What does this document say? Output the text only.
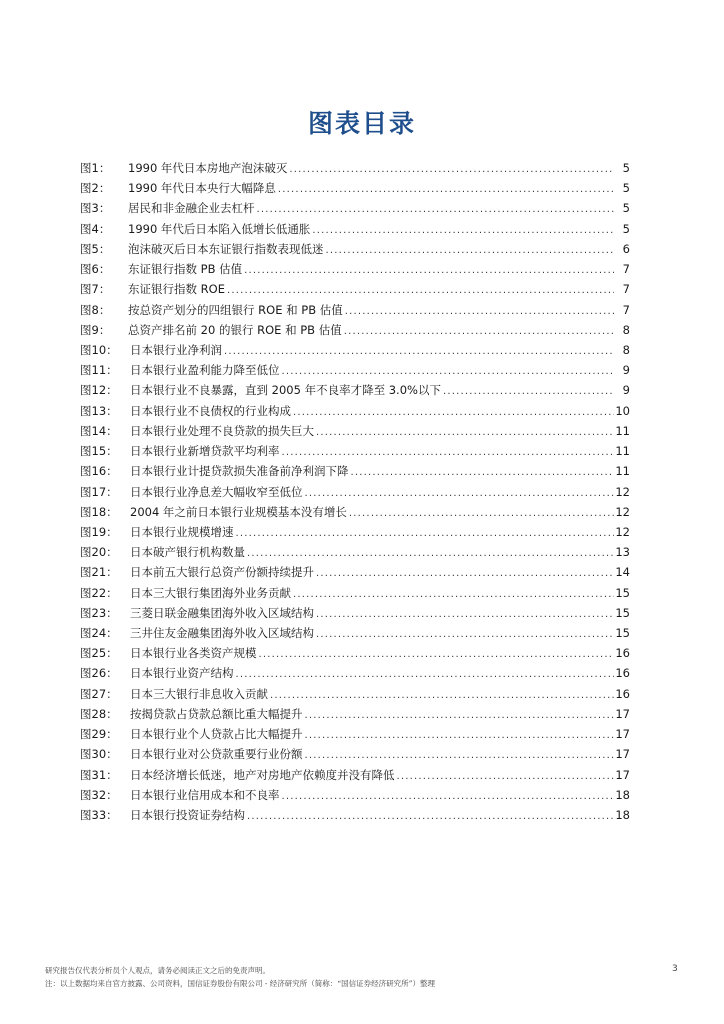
图表目录
图1：	1990 年代日本房地产泡沫破灭 .....	5
图2：	1990 年代日本央行大幅降息 .....	5
图3：	居民和非金融企业去杠杆 .....	5
图4：	1990 年代后日本陷入低增长低通胀 .....	5
图5：	泡沫破灭后日本东证银行指数表现低迷 .....	6
图6：	东证银行指数 PB 估值 .....	7
图7：	东证银行指数 ROE .....	7
图8：	按总资产划分的四组银行 ROE 和 PB 估值 .....	7
图9：	总资产排名前 20 的银行 ROE 和 PB 估值 .....	8
图10：	日本银行业净利润 .....	8
图11：	日本银行业盈利能力降至低位 .....	9
图12：	日本银行业不良暴露，直到 2005 年不良率才降至 3.0%以下 .....	9
图13：	日本银行业不良债权的行业构成 .....	10
图14：	日本银行业处理不良贷款的损失巨大 .....	11
图15：	日本银行业新增贷款平均利率 .....	11
图16：	日本银行业计提贷款损失准备前净利润下降 .....	11
图17：	日本银行业净息差大幅收窄至低位 .....	12
图18：	2004 年之前日本银行业规模基本没有增长 .....	12
图19：	日本银行业规模增速 .....	12
图20：	日本破产银行机构数量 .....	13
图21：	日本前五大银行总资产份额持续提升 .....	14
图22：	日本三大银行集团海外业务贡献 .....	15
图23：	三菱日联金融集团海外收入区域结构 .....	15
图24：	三井住友金融集团海外收入区域结构 .....	15
图25：	日本银行业各类资产规模 .....	16
图26：	日本银行业资产结构 .....	16
图27：	日本三大银行非息收入贡献 .....	16
图28：	按揭贷款占贷款总额比重大幅提升 .....	17
图29：	日本银行业个人贷款占比大幅提升 .....	17
图30：	日本银行业对公贷款重要行业份额 .....	17
图31：	日本经济增长低迷，地产对房地产依赖度并没有降低 .....	17
图32：	日本银行业信用成本和不良率 .....	18
图33：	日本银行投资证券结构 .....	18
研究报告仅代表分析员个人观点，请务必阅读正文之后的免责声明。
注：以上数据均来自官方披露、公司资料，国信证券股份有限公司 - 经济研究所（简称：“国信证券经济研究所”）整理
3
